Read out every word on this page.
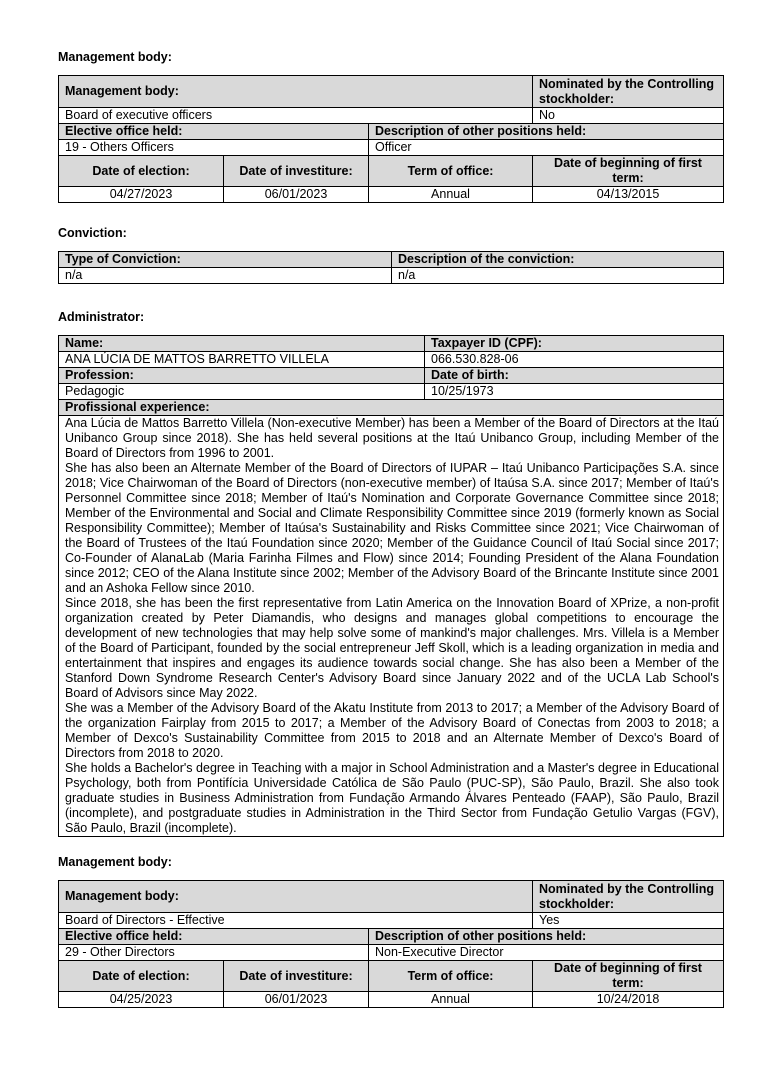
Management body:
Management body:			Nominated by the Controlling stockholder:
Board of executive officers			No
Elective office held:		Description of other positions held:	
19 - Others Officers		Officer	
Date of election:	Date of investiture:	Term of office:	Date of beginning of first term:
04/27/2023	06/01/2023	Annual	04/13/2015
Conviction:
Type of Conviction:	Description of the conviction:
n/a	n/a
Administrator:
Name:	Taxpayer ID (CPF):
ANA LÚCIA DE MATTOS BARRETTO VILLELA	066.530.828-06
Profession:	Date of birth:
Pedagogic	10/25/1973
Profissional experience:	

Ana Lúcia de Mattos Barretto Villela (Non-executive Member) has been a Member of the Board of Directors at the Itaú Unibanco Group since 2018). She has held several positions at the Itaú Unibanco Group, including Member of the Board of Directors from 1996 to 2001.

She has also been an Alternate Member of the Board of Directors of IUPAR – Itaú Unibanco Participações S.A. since 2018; Vice Chairwoman of the Board of Directors (non-executive member) of Itaúsa S.A. since 2017; Member of Itaú's Personnel Committee since 2018; Member of Itaú's Nomination and Corporate Governance Committee since 2018; Member of the Environmental and Social and Climate Responsibility Committee since 2019 (formerly known as Social Responsibility Committee); Member of Itaúsa's Sustainability and Risks Committee since 2021; Vice Chairwoman of the Board of Trustees of the Itaú Foundation since 2020; Member of the Guidance Council of Itaú Social since 2017; Co-Founder of AlanaLab (Maria Farinha Filmes and Flow) since 2014; Founding President of the Alana Foundation since 2012; CEO of the Alana Institute since 2002; Member of the Advisory Board of the Brincante Institute since 2001 and an Ashoka Fellow since 2010.

Since 2018, she has been the first representative from Latin America on the Innovation Board of XPrize, a non-profit organization created by Peter Diamandis, who designs and manages global competitions to encourage the development of new technologies that may help solve some of mankind's major challenges. Mrs. Villela is a Member of the Board of Participant, founded by the social entrepreneur Jeff Skoll, which is a leading organization in media and entertainment that inspires and engages its audience towards social change. She has also been a Member of the Stanford Down Syndrome Research Center's Advisory Board since January 2022 and of the UCLA Lab School's Board of Advisors since May 2022.

She was a Member of the Advisory Board of the Akatu Institute from 2013 to 2017; a Member of the Advisory Board of the organization Fairplay from 2015 to 2017; a Member of the Advisory Board of Conectas from 2003 to 2018; a Member of Dexco's Sustainability Committee from 2015 to 2018 and an Alternate Member of Dexco's Board of Directors from 2018 to 2020.

She holds a Bachelor's degree in Teaching with a major in School Administration and a Master's degree in Educational Psychology, both from Pontifícia Universidade Católica de São Paulo (PUC-SP), São Paulo, Brazil. She also took graduate studies in Business Administration from Fundação Armando Álvares Penteado (FAAP), São Paulo, Brazil (incomplete), and postgraduate studies in Administration in the Third Sector from Fundação Getulio Vargas (FGV), São Paulo, Brazil (incomplete).	

Management body:
Management body:			Nominated by the Controlling stockholder:
Board of Directors - Effective			Yes
Elective office held:		Description of other positions held:	
29 - Other Directors		Non-Executive Director	
Date of election:	Date of investiture:	Term of office:	Date of beginning of first term:
04/25/2023	06/01/2023	Annual	10/24/2018
